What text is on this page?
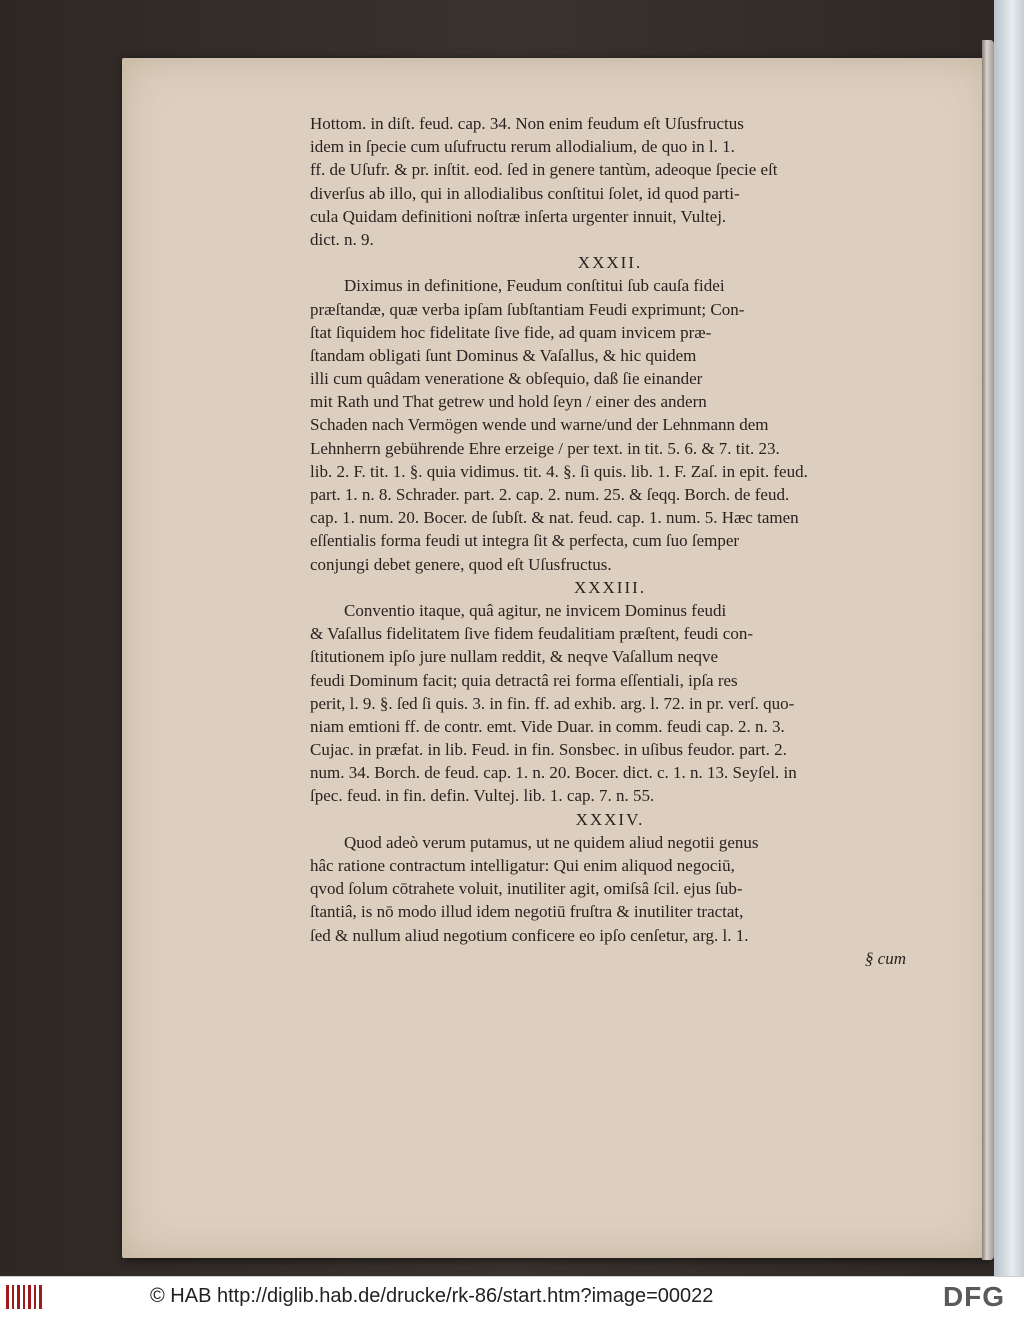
Hottom. in diſt. feud. cap. 34. Non enim feudum eſt Uſusfructus
idem in ſpecie cum uſufructu rerum allodialium, de quo in l. 1.
ff. de Uſufr. & pr. inſtit. eod. ſed in genere tantùm, adeoque ſpecie eſt
diverſus ab illo, qui in allodialibus conſtitui ſolet, id quod parti-
cula Quidam definitioni noſtræ inſerta urgenter innuit, Vultej.
dict. n. 9.
XXXII.
Diximus in definitione, Feudum conſtitui ſub cauſa fidei
præſtandæ, quæ verba ipſam ſubſtantiam Feudi exprimunt; Con-
ſtat ſiquidem hoc fidelitate ſive fide, ad quam invicem præ-
ſtandam obligati ſunt Dominus & Vaſallus, & hic quidem
illi cum quâdam veneratione & obſequio, daß ſie einander
mit Rath und That getrew und hold ſeyn / einer des andern
Schaden nach Vermögen wende und warne/und der Lehnmann dem
Lehnherrn gebührende Ehre erzeige / per text. in tit. 5. 6. & 7. tit. 23.
lib. 2. F. tit. 1. §. quia vidimus. tit. 4. §. ſi quis. lib. 1. F. Zaſ. in epit. feud.
part. 1. n. 8. Schrader. part. 2. cap. 2. num. 25. & ſeqq. Borch. de feud.
cap. 1. num. 20. Bocer. de ſubſt. & nat. feud. cap. 1. num. 5. Hæc tamen
eſſentialis forma feudi ut integra ſit & perfecta, cum ſuo ſemper
conjungi debet genere, quod eſt Uſusfructus.
XXXIII.
Conventio itaque, quâ agitur, ne invicem Dominus feudi
& Vaſallus fidelitatem ſive fidem feudalitiam præſtent, feudi con-
ſtitutionem ipſo jure nullam reddit, & neqve Vaſallum neqve
feudi Dominum facit; quia detractâ rei forma eſſentiali, ipſa res
perit, l. 9. §. ſed ſi quis. 3. in fin. ff. ad exhib. arg. l. 72. in pr. verſ. quo-
niam emtioni ff. de contr. emt. Vide Duar. in comm. feudi cap. 2. n. 3.
Cujac. in præfat. in lib. Feud. in fin. Sonsbec. in uſibus feudor. part. 2.
num. 34. Borch. de feud. cap. 1. n. 20. Bocer. dict. c. 1. n. 13. Seyſel. in
ſpec. feud. in fin. defin. Vultej. lib. 1. cap. 7. n. 55.
XXXIV.
Quod adeò verum putamus, ut ne quidem aliud negotii genus
hâc ratione contractum intelligatur: Qui enim aliquod negociū,
qvod ſolum cōtrahete voluit, inutiliter agit, omiſsâ ſcil. ejus ſub-
ſtantiâ, is nō modo illud idem negotiū fruſtra & inutiliter tractat,
ſed & nullum aliud negotium conficere eo ipſo cenſetur, arg. l. 1.
§ cum
© HAB http://diglib.hab.de/drucke/rk-86/start.htm?image=00022	DFG
